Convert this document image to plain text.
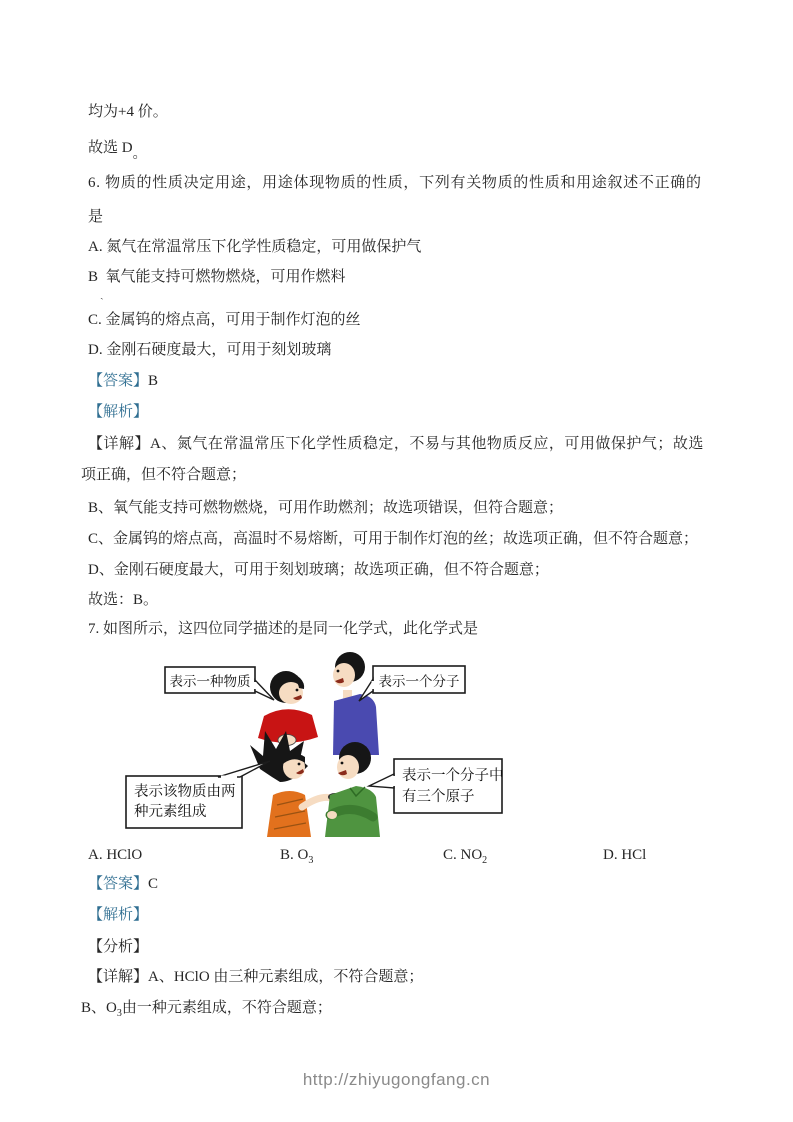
均为+4 价。
故选 D。
6. 物质的性质决定用途，用途体现物质的性质，下列有关物质的性质和用途叙述不正确的
是
A. 氮气在常温常压下化学性质稳定，可用做保护气
B  氧气能支持可燃物燃烧，可用作燃料
ˏ
C. 金属钨的熔点高，可用于制作灯泡的丝
D. 金刚石硬度最大，可用于刻划玻璃
【答案】B
【解析】
【详解】A、氮气在常温常压下化学性质稳定，不易与其他物质反应，可用做保护气；故选
项正确，但不符合题意；
B、氧气能支持可燃物燃烧，可用作助燃剂；故选项错误，但符合题意；
C、金属钨的熔点高，高温时不易熔断，可用于制作灯泡的丝；故选项正确，但不符合题意；
D、金刚石硬度最大，可用于刻划玻璃；故选项正确，但不符合题意；
故选：B。
7. 如图所示，这四位同学描述的是同一化学式，此化学式是
表示一种物质	表示一个分子
表示该物质由两
种元素组成
表示一个分子中
有三个原子
A. HClO	B. $O_3$	C. $NO_2$	D. HCl
【答案】C
【解析】
【分析】
【详解】A、HClO 由三种元素组成，不符合题意；
B、$O_3$由一种元素组成，不符合题意；
http://zhiyugongfang.cn
